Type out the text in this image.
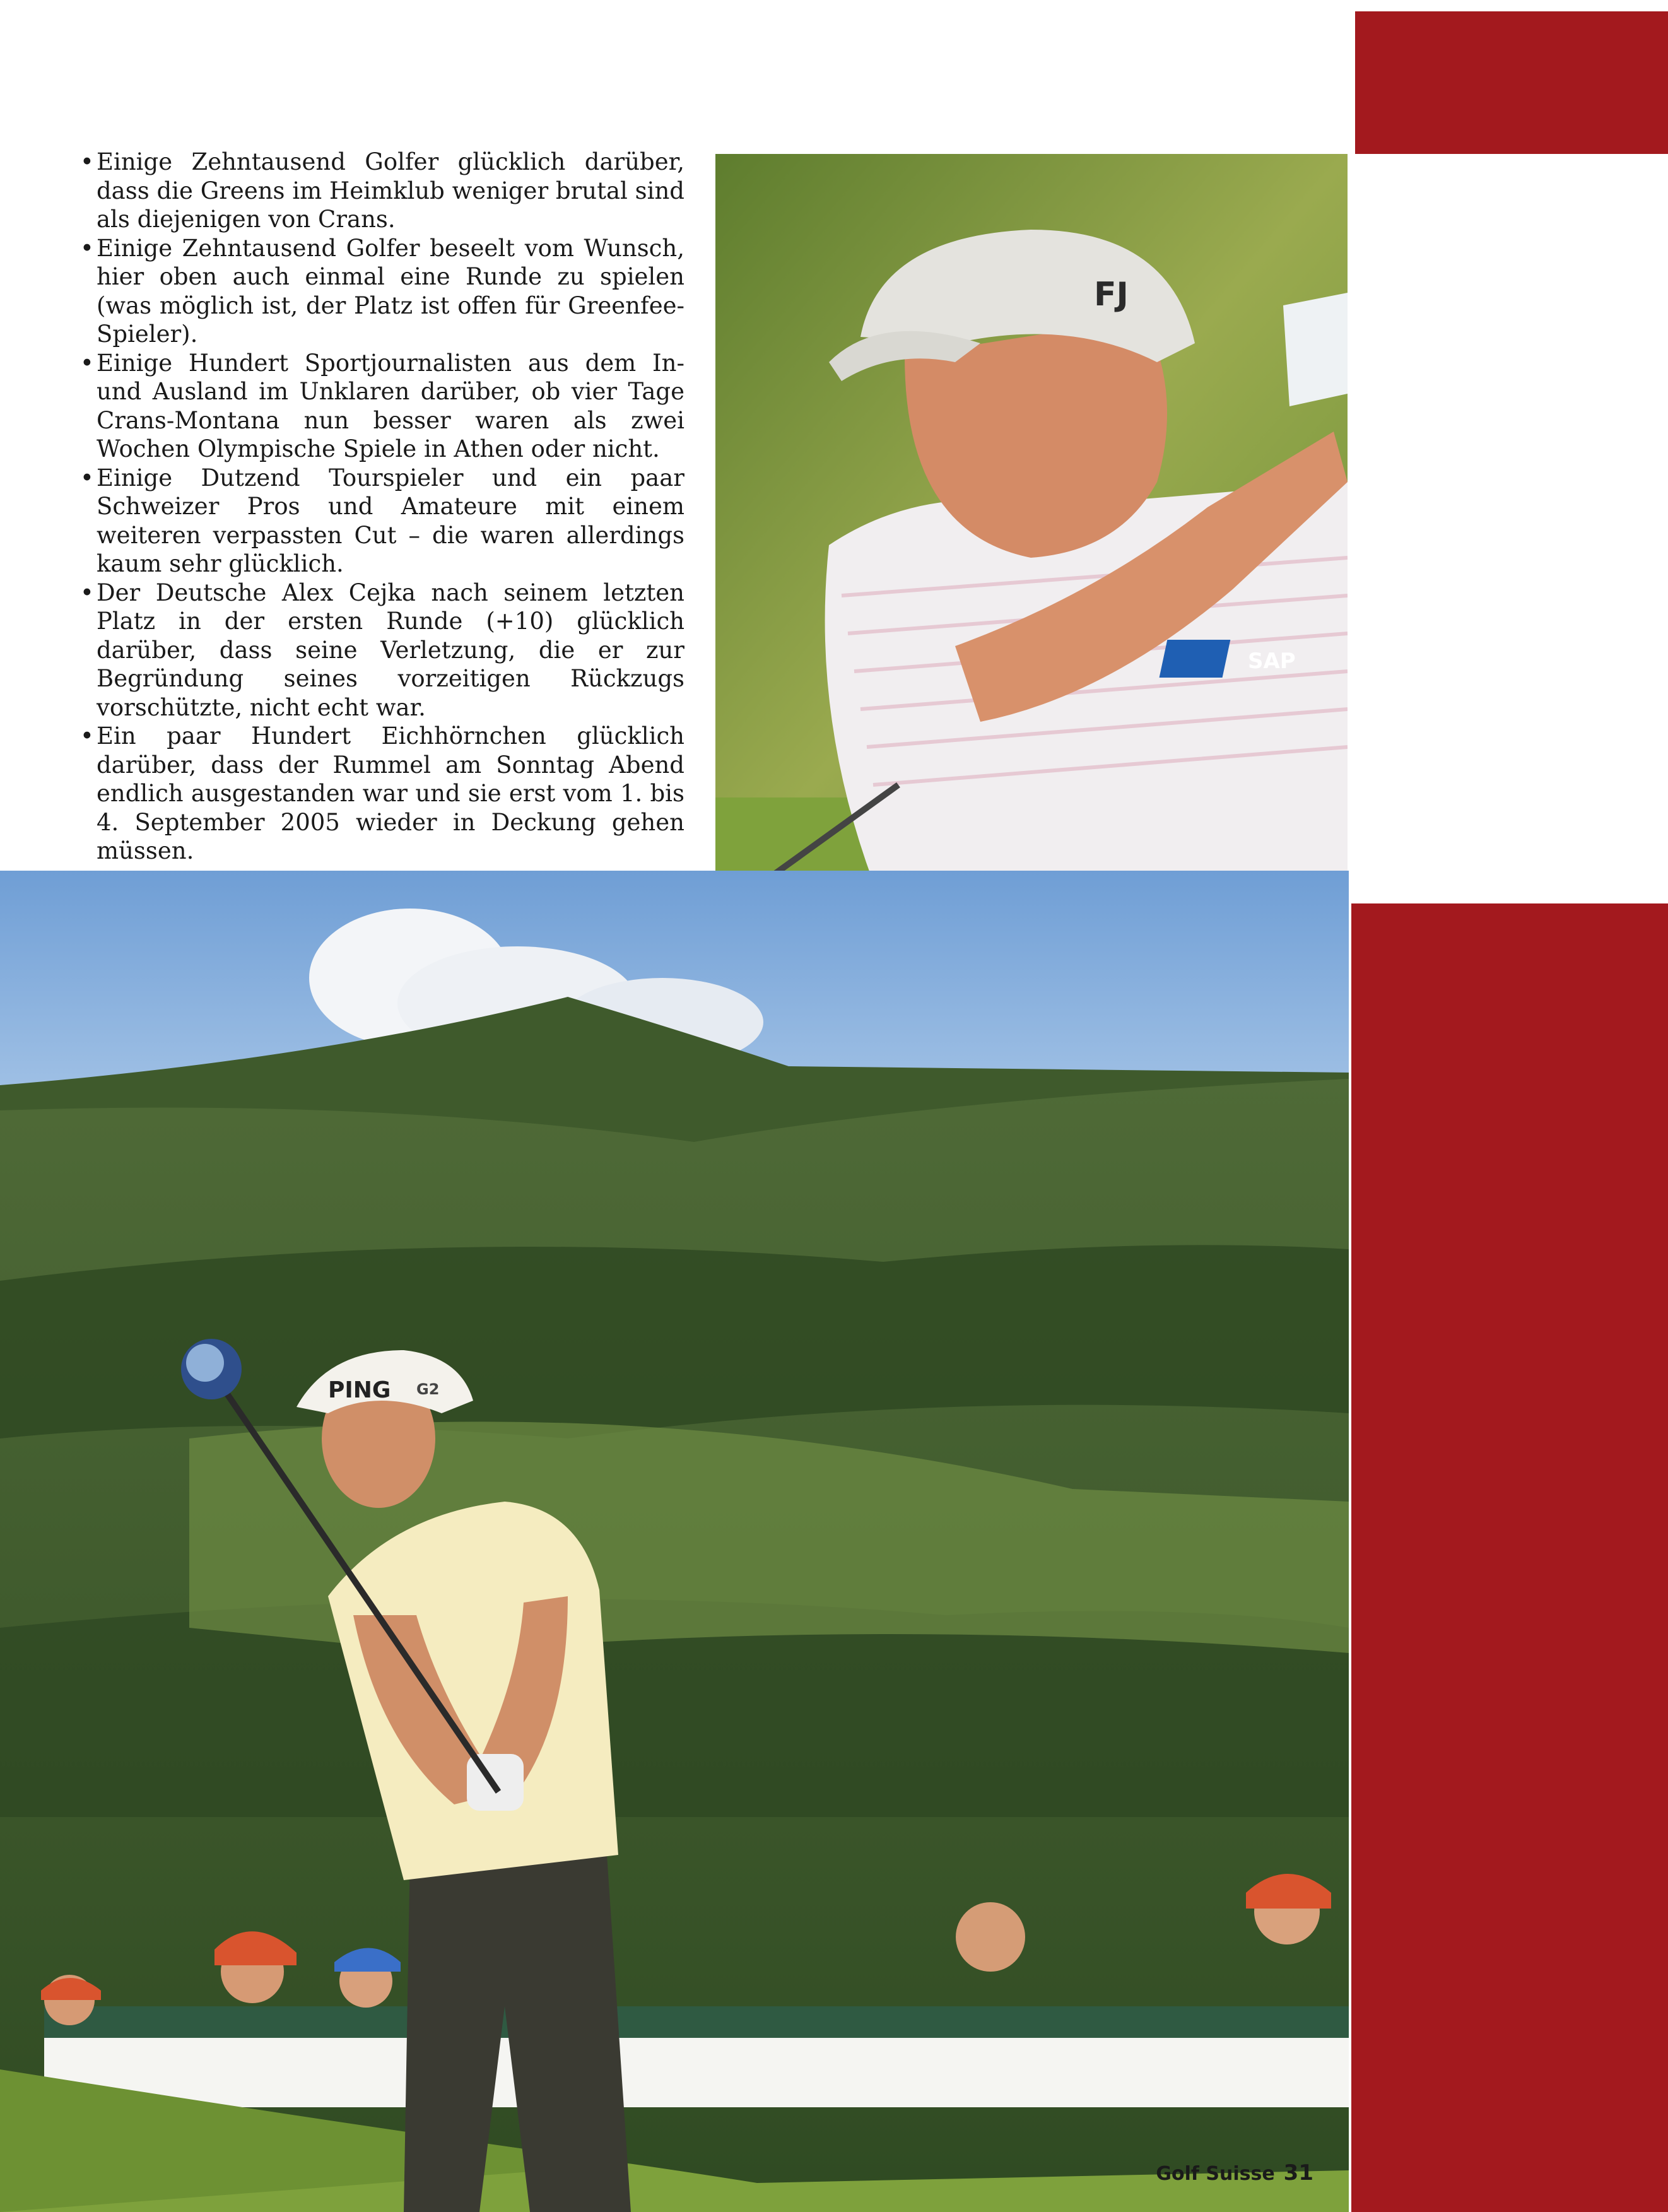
• Einige Zehntausend Golfer glücklich darüber, dass die Greens im Heimklub weniger brutal sind als diejenigen von Crans.
• Einige Zehntausend Golfer beseelt vom Wunsch, hier oben auch einmal eine Runde zu spielen (was möglich ist, der Platz ist offen für Greenfee-Spieler).
• Einige Hundert Sportjournalisten aus dem In- und Ausland im Unklaren darüber, ob vier Tage Crans-Montana nun besser waren als zwei Wochen Olympische Spiele in Athen oder nicht.
• Einige Dutzend Tourspieler und ein paar Schweizer Pros und Amateure mit einem weiteren verpassten Cut – die waren allerdings kaum sehr glücklich.
• Der Deutsche Alex Cejka nach seinem letzten Platz in der ersten Runde (+10) glücklich darüber, dass seine Verletzung, die er zur Begründung seines vorzeitigen Rückzugs vorschützte, nicht echt war.
• Ein paar Hundert Eichhörnchen glücklich darüber, dass der Rummel am Sonntag Abend endlich ausgestanden war und sie erst vom 1. bis 4. September 2005 wieder in Deckung gehen müssen.
SAP
FJ
PING G2
Golf Suisse 31
